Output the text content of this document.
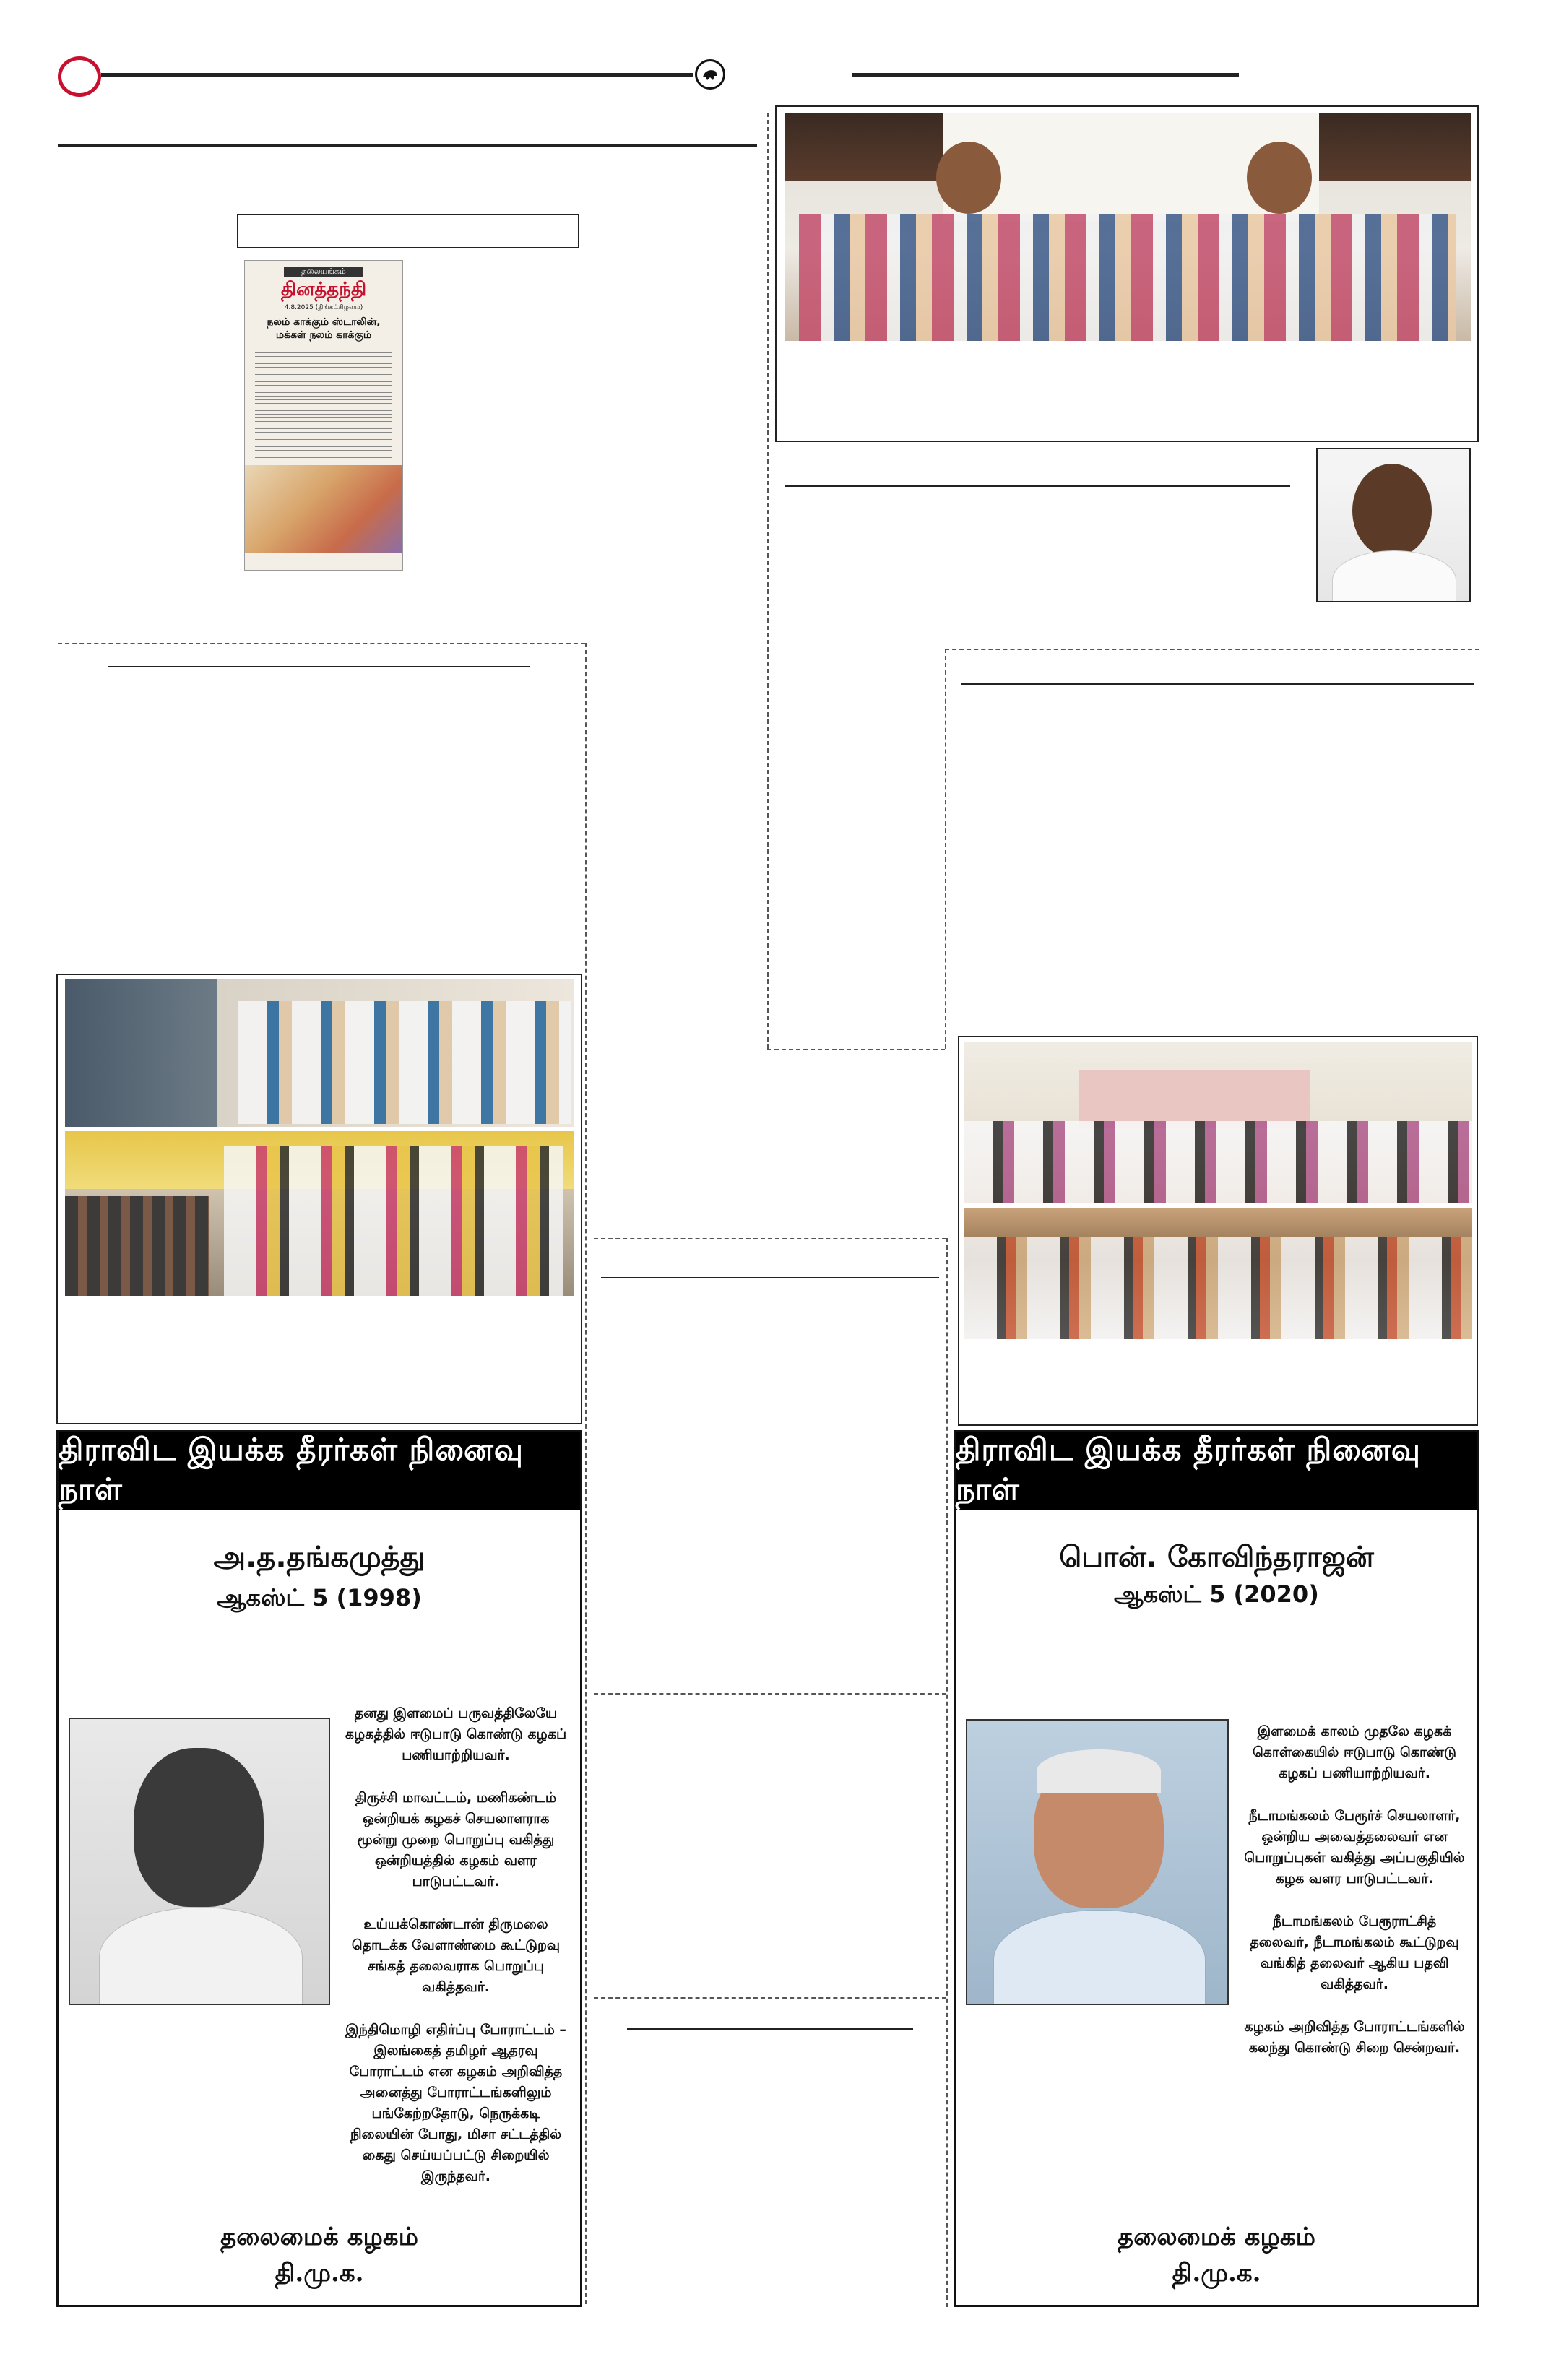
தலையங்கம்
தினத்தந்தி
4.8.2025 (திங்கட்கிழமை)
நலம் காக்கும் ஸ்டாலின்,
மக்கள் நலம் காக்கும்
திராவிட இயக்க தீரர்கள் நினைவு நாள்
அ.த.தங்கமுத்து
ஆகஸ்ட் 5 (1998)

தனது இளமைப் பருவத்திலேயே கழகத்தில் ஈடுபாடு கொண்டு கழகப் பணியாற்றியவர்.

திருச்சி மாவட்டம், மணிகண்டம் ஒன்றியக் கழகச் செயலாளராக மூன்று முறை பொறுப்பு வகித்து ஒன்றியத்தில் கழகம் வளர பாடுபட்டவர்.

உய்யக்கொண்டான் திருமலை தொடக்க வேளாண்மை கூட்டுறவு சங்கத் தலைவராக பொறுப்பு வகித்தவர்.

இந்திமொழி எதிர்ப்பு போராட்டம் – இலங்கைத் தமிழர் ஆதரவு போராட்டம் என கழகம் அறிவித்த அனைத்து போராட்டங்களிலும் பங்கேற்றதோடு, நெருக்கடி நிலையின் போது, மிசா சட்டத்தில் கைது செய்யப்பட்டு சிறையில் இருந்தவர்.

தலைமைக் கழகம்
தி.மு.க.
திராவிட இயக்க தீரர்கள் நினைவு நாள்
பொன். கோவிந்தராஜன்
ஆகஸ்ட் 5 (2020)

இளமைக் காலம் முதலே கழகக் கொள்கையில் ஈடுபாடு கொண்டு கழகப் பணியாற்றியவர்.

நீடாமங்கலம் பேரூர்ச் செயலாளர், ஒன்றிய அவைத்தலைவர் என பொறுப்புகள் வகித்து அப்பகுதியில் கழக வளர பாடுபட்டவர்.

நீடாமங்கலம் பேரூராட்சித் தலைவர், நீடாமங்கலம் கூட்டுறவு வங்கித் தலைவர் ஆகிய பதவி வகித்தவர்.

கழகம் அறிவித்த போராட்டங்களில் கலந்து கொண்டு சிறை சென்றவர்.

தலைமைக் கழகம்
தி.மு.க.
